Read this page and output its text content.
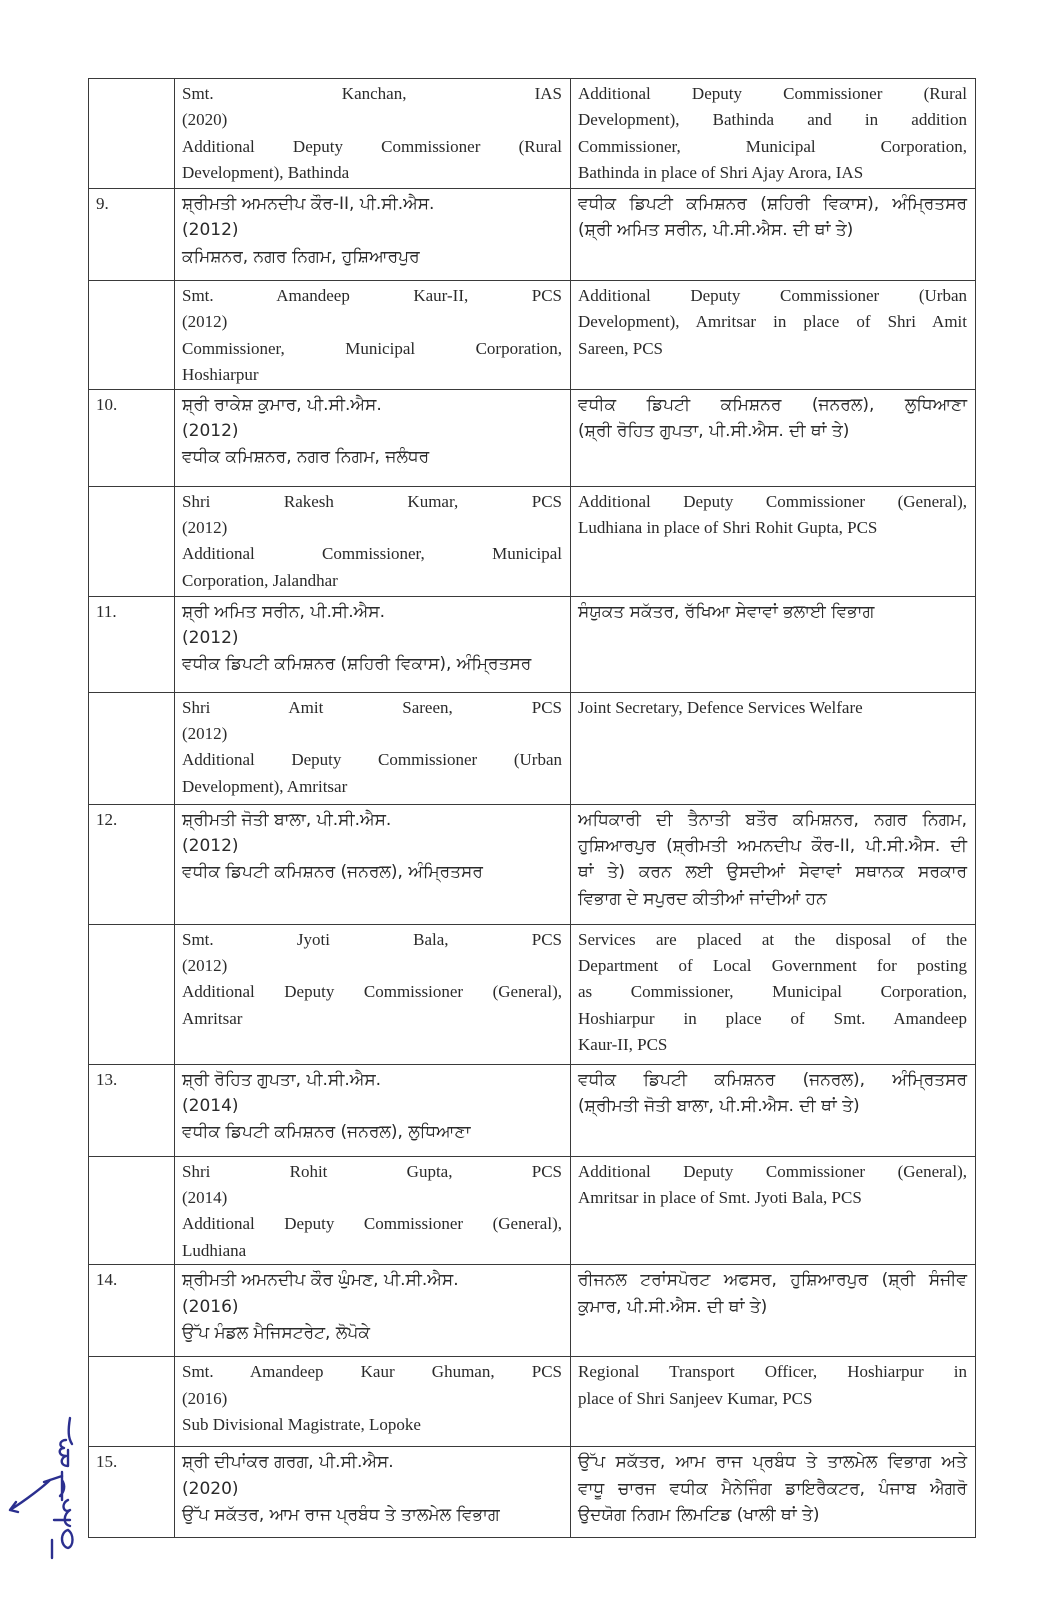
	Smt. Kanchan, IAS
(2020)
Additional Deputy Commissioner (Rural
Development), Bathinda	Additional Deputy Commissioner (Rural
Development), Bathinda and in addition
Commissioner, Municipal Corporation,
Bathinda in place of Shri Ajay Arora, IAS

9.	ਸ਼੍ਰੀਮਤੀ ਅਮਨਦੀਪ ਕੌਰ-II, ਪੀ.ਸੀ.ਐਸ.
(2012)
ਕਮਿਸ਼ਨਰ, ਨਗਰ ਨਿਗਮ, ਹੁਸ਼ਿਆਰਪੁਰ	ਵਧੀਕ ਡਿਪਟੀ ਕਮਿਸ਼ਨਰ (ਸ਼ਹਿਰੀ ਵਿਕਾਸ), ਅੰਮ੍ਰਿਤਸਰ
(ਸ਼੍ਰੀ ਅਮਿਤ ਸਰੀਨ, ਪੀ.ਸੀ.ਐਸ. ਦੀ ਥਾਂ ਤੇ)

	Smt. Amandeep Kaur-II, PCS
(2012)
Commissioner, Municipal Corporation,
Hoshiarpur	Additional Deputy Commissioner (Urban
Development), Amritsar in place of Shri Amit
Sareen, PCS

10.	ਸ਼੍ਰੀ ਰਾਕੇਸ਼ ਕੁਮਾਰ, ਪੀ.ਸੀ.ਐਸ.
(2012)
ਵਧੀਕ ਕਮਿਸ਼ਨਰ, ਨਗਰ ਨਿਗਮ, ਜਲੰਧਰ	ਵਧੀਕ ਡਿਪਟੀ ਕਮਿਸ਼ਨਰ (ਜਨਰਲ), ਲੁਧਿਆਣਾ
(ਸ਼੍ਰੀ ਰੋਹਿਤ ਗੁਪਤਾ, ਪੀ.ਸੀ.ਐਸ. ਦੀ ਥਾਂ ਤੇ)

	Shri Rakesh Kumar, PCS
(2012)
Additional Commissioner, Municipal
Corporation, Jalandhar	Additional Deputy Commissioner (General),
Ludhiana in place of Shri Rohit Gupta, PCS

11.	ਸ਼੍ਰੀ ਅਮਿਤ ਸਰੀਨ, ਪੀ.ਸੀ.ਐਸ.
(2012)
ਵਧੀਕ ਡਿਪਟੀ ਕਮਿਸ਼ਨਰ (ਸ਼ਹਿਰੀ ਵਿਕਾਸ), ਅੰਮ੍ਰਿਤਸਰ	ਸੰਯੁਕਤ ਸਕੱਤਰ, ਰੱਖਿਆ ਸੇਵਾਵਾਂ ਭਲਾਈ ਵਿਭਾਗ

	Shri Amit Sareen, PCS
(2012)
Additional Deputy Commissioner (Urban
Development), Amritsar	Joint Secretary, Defence Services Welfare

12.	ਸ਼੍ਰੀਮਤੀ ਜੋਤੀ ਬਾਲਾ, ਪੀ.ਸੀ.ਐਸ.
(2012)
ਵਧੀਕ ਡਿਪਟੀ ਕਮਿਸ਼ਨਰ (ਜਨਰਲ), ਅੰਮ੍ਰਿਤਸਰ	ਅਧਿਕਾਰੀ ਦੀ ਤੈਨਾਤੀ ਬਤੌਰ ਕਮਿਸ਼ਨਰ, ਨਗਰ ਨਿਗਮ,
ਹੁਸ਼ਿਆਰਪੁਰ (ਸ਼੍ਰੀਮਤੀ ਅਮਨਦੀਪ ਕੌਰ-II, ਪੀ.ਸੀ.ਐਸ. ਦੀ
ਥਾਂ ਤੇ) ਕਰਨ ਲਈ ਉਸਦੀਆਂ ਸੇਵਾਵਾਂ ਸਥਾਨਕ ਸਰਕਾਰ
ਵਿਭਾਗ ਦੇ ਸਪੁਰਦ ਕੀਤੀਆਂ ਜਾਂਦੀਆਂ ਹਨ

	Smt. Jyoti Bala, PCS
(2012)
Additional Deputy Commissioner (General),
Amritsar	Services are placed at the disposal of the
Department of Local Government for posting
as Commissioner, Municipal Corporation,
Hoshiarpur in place of Smt. Amandeep
Kaur-II, PCS

13.	ਸ਼੍ਰੀ ਰੋਹਿਤ ਗੁਪਤਾ, ਪੀ.ਸੀ.ਐਸ.
(2014)
ਵਧੀਕ ਡਿਪਟੀ ਕਮਿਸ਼ਨਰ (ਜਨਰਲ), ਲੁਧਿਆਣਾ	ਵਧੀਕ ਡਿਪਟੀ ਕਮਿਸ਼ਨਰ (ਜਨਰਲ), ਅੰਮ੍ਰਿਤਸਰ
(ਸ਼੍ਰੀਮਤੀ ਜੋਤੀ ਬਾਲਾ, ਪੀ.ਸੀ.ਐਸ. ਦੀ ਥਾਂ ਤੇ)

	Shri Rohit Gupta, PCS
(2014)
Additional Deputy Commissioner (General),
Ludhiana	Additional Deputy Commissioner (General),
Amritsar in place of Smt. Jyoti Bala, PCS

14.	ਸ਼੍ਰੀਮਤੀ ਅਮਨਦੀਪ ਕੌਰ ਘੁੰਮਣ, ਪੀ.ਸੀ.ਐਸ.
(2016)
ਉੱਪ ਮੰਡਲ ਮੈਜਿਸਟਰੇਟ, ਲੋਪੋਕੇ	ਰੀਜਨਲ ਟਰਾਂਸਪੋਰਟ ਅਫਸਰ, ਹੁਸ਼ਿਆਰਪੁਰ (ਸ਼੍ਰੀ ਸੰਜੀਵ
ਕੁਮਾਰ, ਪੀ.ਸੀ.ਐਸ. ਦੀ ਥਾਂ ਤੇ)

	Smt. Amandeep Kaur Ghuman, PCS
(2016)
Sub Divisional Magistrate, Lopoke	Regional Transport Officer, Hoshiarpur in
place of Shri Sanjeev Kumar, PCS

15.	ਸ਼੍ਰੀ ਦੀਪਾਂਕਰ ਗਰਗ, ਪੀ.ਸੀ.ਐਸ.
(2020)
ਉੱਪ ਸਕੱਤਰ, ਆਮ ਰਾਜ ਪ੍ਰਬੰਧ ਤੇ ਤਾਲਮੇਲ ਵਿਭਾਗ	ਉੱਪ ਸਕੱਤਰ, ਆਮ ਰਾਜ ਪ੍ਰਬੰਧ ਤੇ ਤਾਲਮੇਲ ਵਿਭਾਗ ਅਤੇ
ਵਾਧੂ ਚਾਰਜ ਵਧੀਕ ਮੈਨੇਜਿੰਗ ਡਾਇਰੈਕਟਰ, ਪੰਜਾਬ ਐਗਰੋ
ਉਦਯੋਗ ਨਿਗਮ ਲਿਮਟਿਡ (ਖਾਲੀ ਥਾਂ ਤੇ)
